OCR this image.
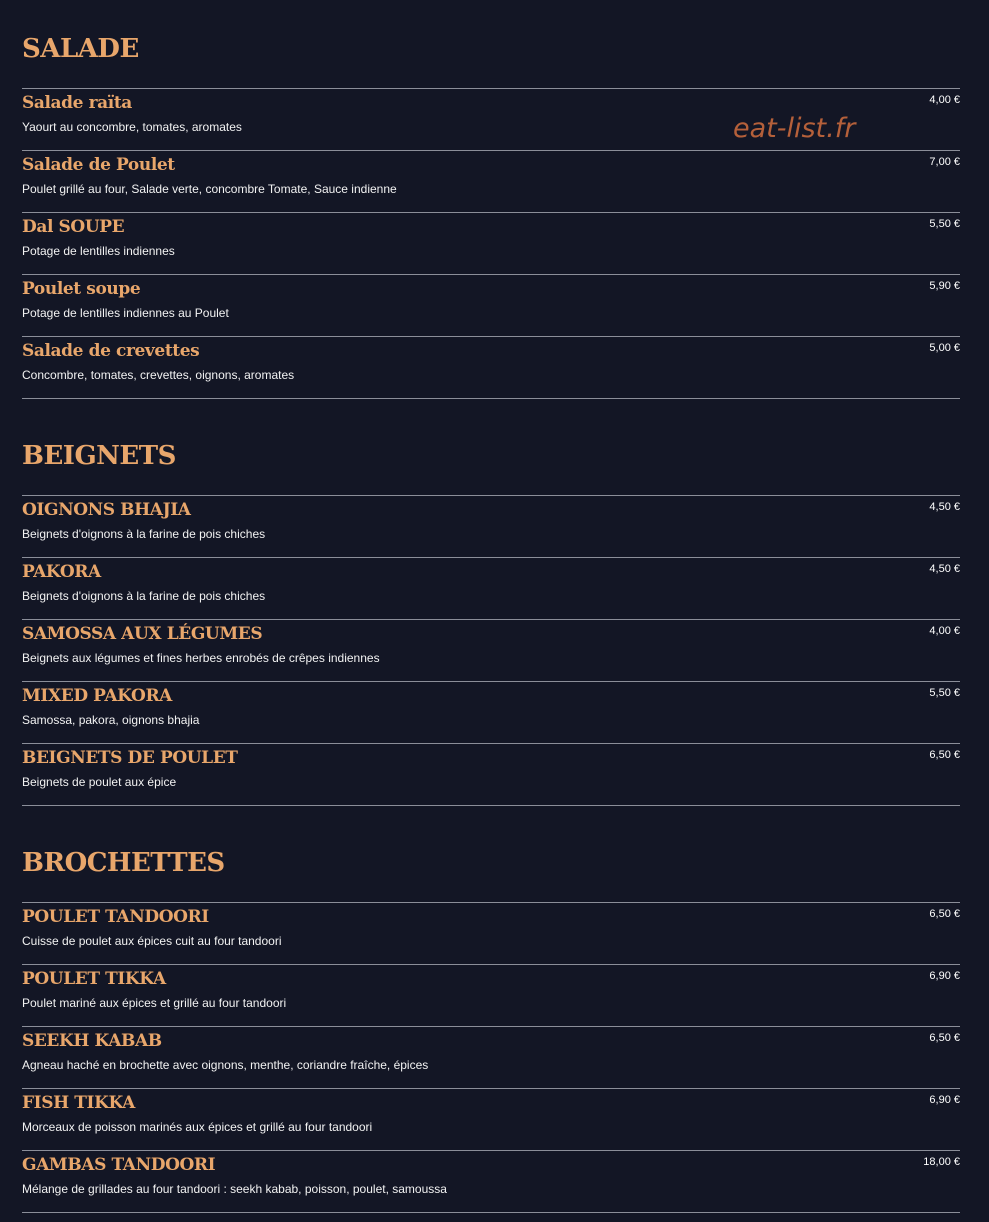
SALADE
Salade raïta
Yaourt au concombre, tomates, aromates
4,00 €
Salade de Poulet
Poulet grillé au four, Salade verte, concombre Tomate, Sauce indienne
7,00 €
Dal SOUPE
Potage de lentilles indiennes
5,50 €
Poulet soupe
Potage de lentilles indiennes au Poulet
5,90 €
Salade de crevettes
Concombre, tomates, crevettes, oignons, aromates
5,00 €
BEIGNETS
OIGNONS BHAJIA
Beignets d'oignons à la farine de pois chiches
4,50 €
PAKORA
Beignets d'oignons à la farine de pois chiches
4,50 €
SAMOSSA AUX LÉGUMES
Beignets aux légumes et fines herbes enrobés de crêpes indiennes
4,00 €
MIXED PAKORA
Samossa, pakora, oignons bhajia
5,50 €
BEIGNETS DE POULET
Beignets de poulet aux épice
6,50 €
BROCHETTES
POULET TANDOORI
Cuisse de poulet aux épices cuit au four tandoori
6,50 €
POULET TIKKA
Poulet mariné aux épices et grillé au four tandoori
6,90 €
SEEKH KABAB
Agneau haché en brochette avec oignons, menthe, coriandre fraîche, épices
6,50 €
FISH TIKKA
Morceaux de poisson marinés aux épices et grillé au four tandoori
6,90 €
GAMBAS TANDOORI
Mélange de grillades au four tandoori : seekh kabab, poisson, poulet, samoussa
18,00 €
eat-list.fr
